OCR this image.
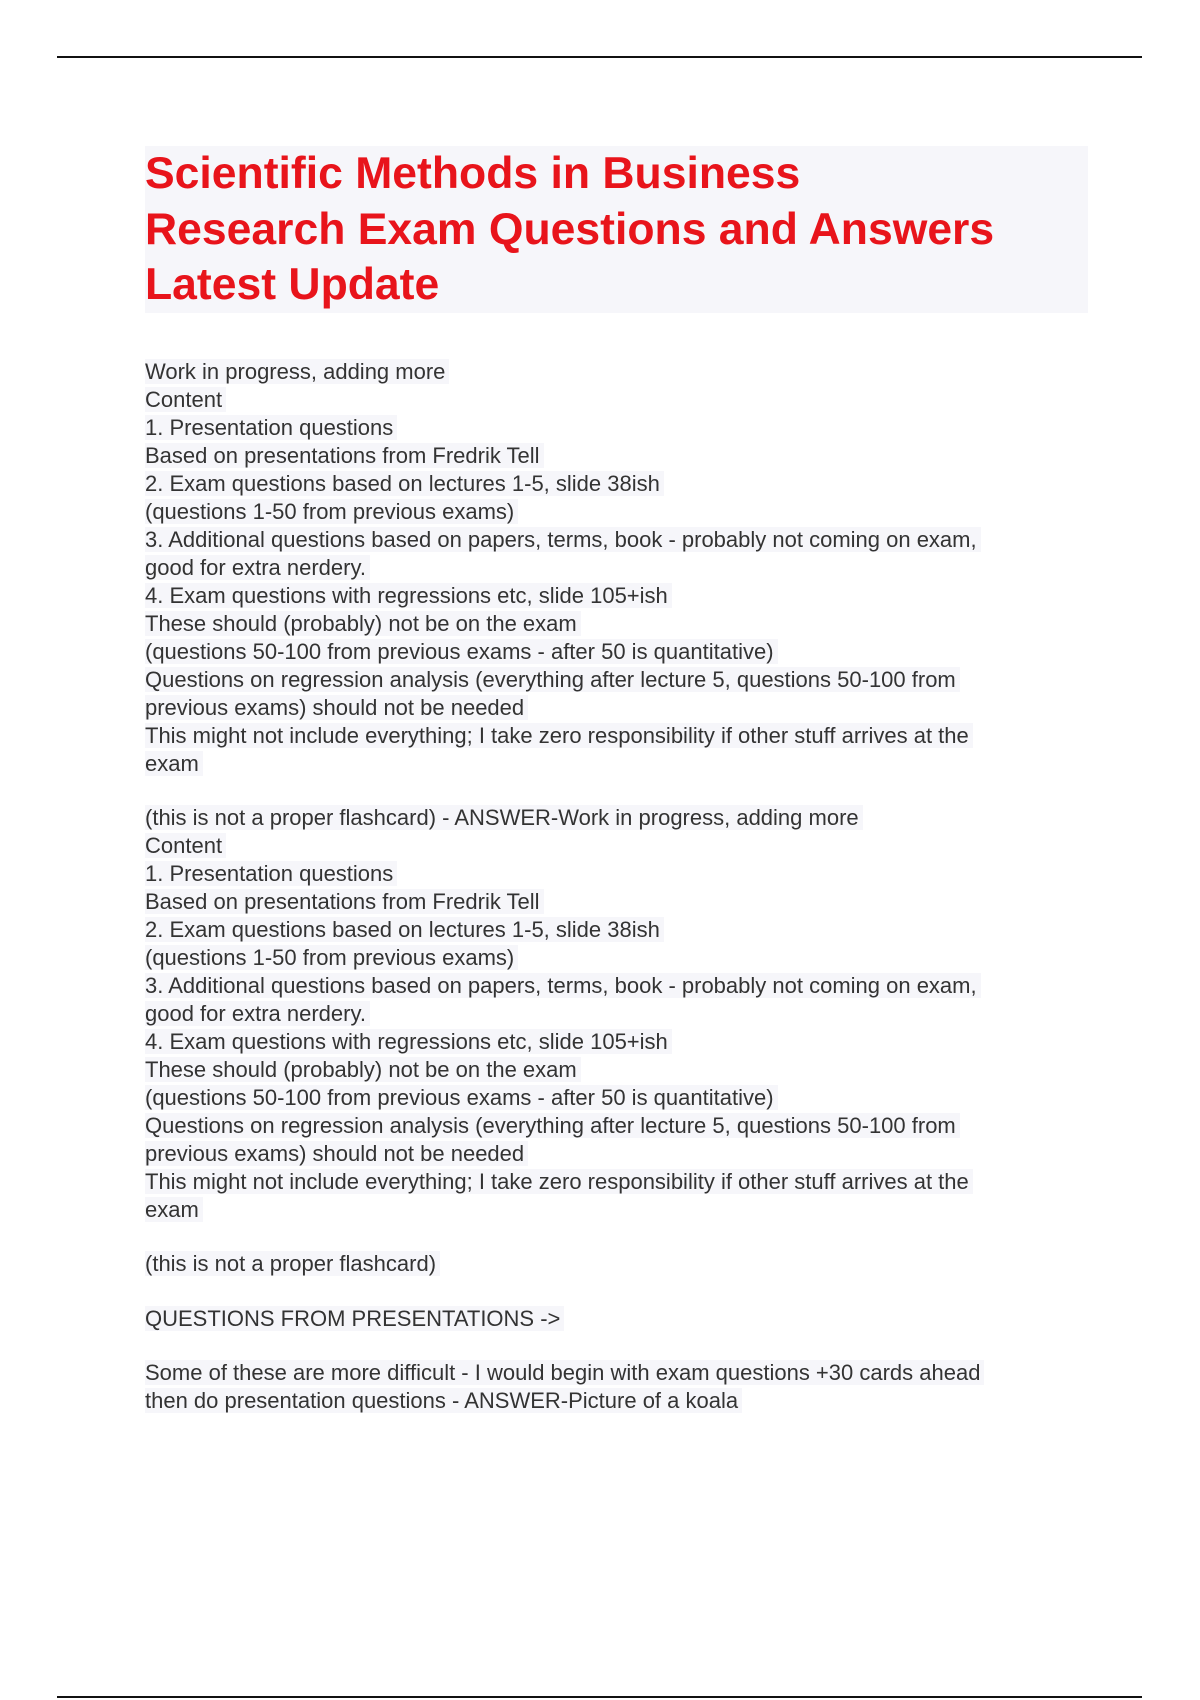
Scientific Methods in Business
Research Exam Questions and Answers
Latest Update
Work in progress, adding more
Content
1. Presentation questions
Based on presentations from Fredrik Tell
2. Exam questions based on lectures 1-5, slide 38ish
(questions 1-50 from previous exams)
3. Additional questions based on papers, terms, book - probably not coming on exam,
good for extra nerdery.
4. Exam questions with regressions etc, slide 105+ish
These should (probably) not be on the exam
(questions 50-100 from previous exams - after 50 is quantitative)
Questions on regression analysis (everything after lecture 5, questions 50-100 from
previous exams) should not be needed
This might not include everything; I take zero responsibility if other stuff arrives at the
exam
(this is not a proper flashcard) - ANSWER-Work in progress, adding more
Content
1. Presentation questions
Based on presentations from Fredrik Tell
2. Exam questions based on lectures 1-5, slide 38ish
(questions 1-50 from previous exams)
3. Additional questions based on papers, terms, book - probably not coming on exam,
good for extra nerdery.
4. Exam questions with regressions etc, slide 105+ish
These should (probably) not be on the exam
(questions 50-100 from previous exams - after 50 is quantitative)
Questions on regression analysis (everything after lecture 5, questions 50-100 from
previous exams) should not be needed
This might not include everything; I take zero responsibility if other stuff arrives at the
exam
(this is not a proper flashcard)
QUESTIONS FROM PRESENTATIONS ->
Some of these are more difficult - I would begin with exam questions +30 cards ahead
then do presentation questions - ANSWER-Picture of a koala
